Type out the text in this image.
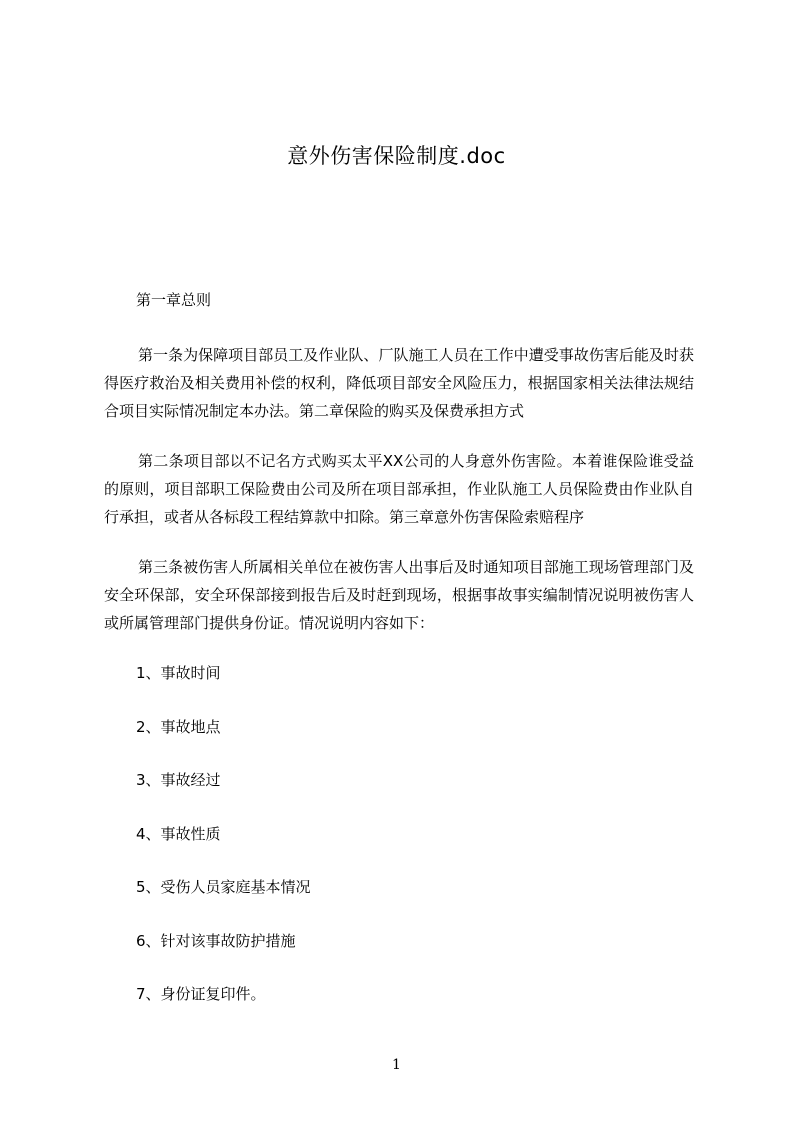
意外伤害保险制度.doc
第一章总则
第一条为保障项目部员工及作业队、厂队施工人员在工作中遭受事故伤害后能及时获得医疗救治及相关费用补偿的权利，降低项目部安全风险压力，根据国家相关法律法规结合项目实际情况制定本办法。第二章保险的购买及保费承担方式
第二条项目部以不记名方式购买太平XX公司的人身意外伤害险。本着谁保险谁受益的原则，项目部职工保险费由公司及所在项目部承担，作业队施工人员保险费由作业队自行承担，或者从各标段工程结算款中扣除。第三章意外伤害保险索赔程序
第三条被伤害人所属相关单位在被伤害人出事后及时通知项目部施工现场管理部门及安全环保部，安全环保部接到报告后及时赶到现场，根据事故事实编制情况说明被伤害人或所属管理部门提供身份证。情况说明内容如下：
1、事故时间
2、事故地点
3、事故经过
4、事故性质
5、受伤人员家庭基本情况
6、针对该事故防护措施
7、身份证复印件。
1
